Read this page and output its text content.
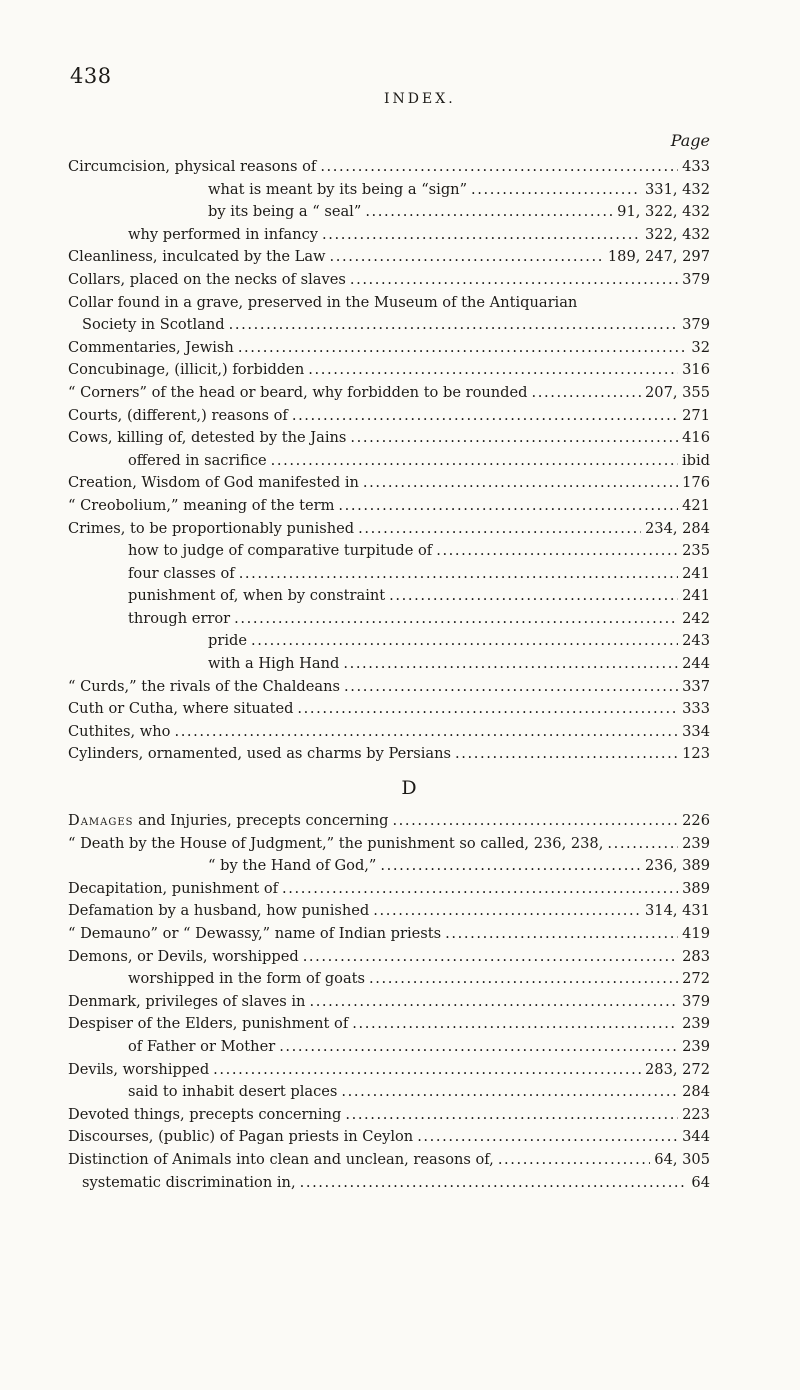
438
INDEX.
Page
Circumcision, physical reasons of .....	433
what is meant by its being a “sign” .....	331, 432
by its being a “ seal” .....	91, 322, 432
why performed in infancy .....	322, 432
Cleanliness, inculcated by the Law .....	189, 247, 297
Collars, placed on the necks of slaves .....	379
Collar found in a grave, preserved in the Museum of the Antiquarian
Society in Scotland .....	379
Commentaries, Jewish .....	32
Concubinage, (illicit,) forbidden .....	316
“ Corners” of the head or beard, why forbidden to be rounded .....	207, 355
Courts, (different,) reasons of .....	271
Cows, killing of, detested by the Jains .....	416
offered in sacrifice .....	ibid
Creation, Wisdom of God manifested in .....	176
“ Creobolium,” meaning of the term .....	421
Crimes, to be proportionably punished .....	234, 284
how to judge of comparative turpitude of .....	235
four classes of .....	241
punishment of, when by constraint .....	241
through error .....	242
pride .....	243
with a High Hand .....	244
“ Curds,” the rivals of the Chaldeans .....	337
Cuth or Cutha, where situated .....	333
Cuthites, who .....	334
Cylinders, ornamented, used as charms by Persians .....	123
D
Damages and Injuries, precepts concerning .....	226
“ Death by the House of Judgment,” the punishment so called, 236, 238, .....	239
“ by the Hand of God,” .....	236, 389
Decapitation, punishment of .....	389
Defamation by a husband, how punished .....	314, 431
“ Demauno” or “ Dewassy,” name of Indian priests .....	419
Demons, or Devils, worshipped .....	283
worshipped in the form of goats .....	272
Denmark, privileges of slaves in .....	379
Despiser of the Elders, punishment of .....	239
of Father or Mother .....	239
Devils, worshipped .....	283, 272
said to inhabit desert places .....	284
Devoted things, precepts concerning .....	223
Discourses, (public) of Pagan priests in Ceylon .....	344
Distinction of Animals into clean and unclean, reasons of, .....	64, 305
systematic discrimination in, .....	64
